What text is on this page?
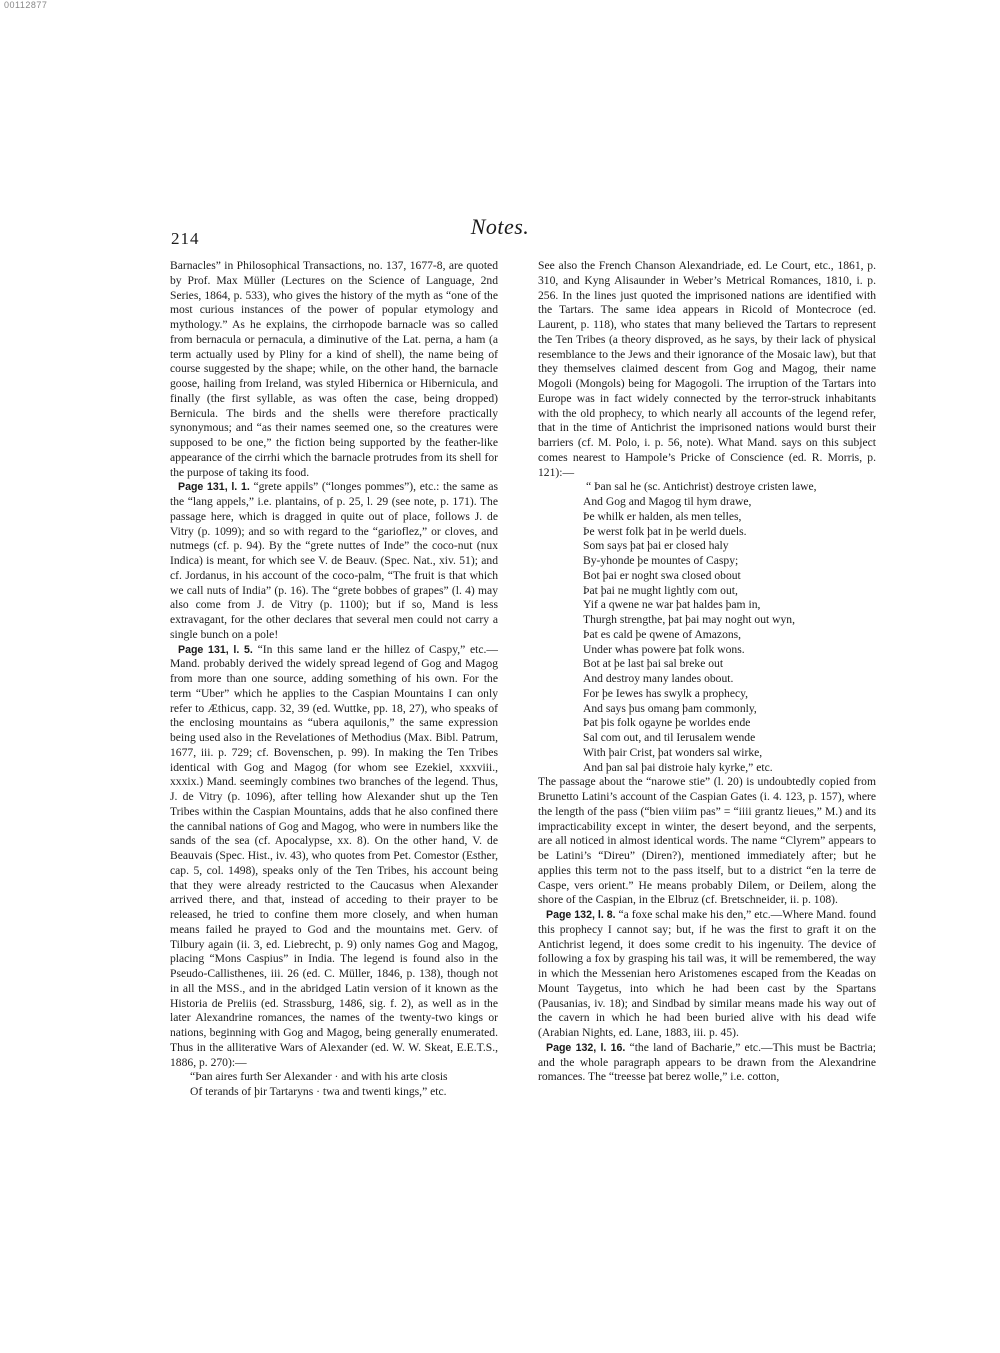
00112877
214	Notes.

Barnacles” in Philosophical Transactions, no. 137, 1677-8, are quoted by Prof. Max Müller (Lectures on the Science of Language, 2nd Series, 1864, p. 533), who gives the history of the myth as “one of the most curious instances of the power of popular etymology and mythology.” As he explains, the cirrhopode barnacle was so called from bernacula or pernacula, a diminutive of the Lat. perna, a ham (a term actually used by Pliny for a kind of shell), the name being of course suggested by the shape; while, on the other hand, the barnacle goose, hailing from Ireland, was styled Hibernica or Hibernicula, and finally (the first syllable, as was often the case, being dropped) Bernicula. The birds and the shells were therefore practically synonymous; and “as their names seemed one, so the creatures were supposed to be one,” the fiction being supported by the feather-like appearance of the cirrhi which the barnacle protrudes from its shell for the purpose of taking its food.

Page 131, l. 1. “grete appils” (“longes pommes”), etc.: the same as the “lang appels,” i.e. plantains, of p. 25, l. 29 (see note, p. 171). The passage here, which is dragged in quite out of place, follows J. de Vitry (p. 1099); and so with regard to the “garioflez,” or cloves, and nutmegs (cf. p. 94). By the “grete nuttes of Inde” the coco-nut (nux Indica) is meant, for which see V. de Beauv. (Spec. Nat., xiv. 51); and cf. Jordanus, in his account of the coco-palm, “The fruit is that which we call nuts of India” (p. 16). The “grete bobbes of grapes” (l. 4) may also come from J. de Vitry (p. 1100); but if so, Mand is less extravagant, for the other declares that several men could not carry a single bunch on a pole!

Page 131, l. 5. “In this same land er the hillez of Caspy,” etc.—Mand. probably derived the widely spread legend of Gog and Magog from more than one source, adding something of his own. For the term “Uber” which he applies to the Caspian Mountains I can only refer to Æthicus, capp. 32, 39 (ed. Wuttke, pp. 18, 27), who speaks of the enclosing mountains as “ubera aquilonis,” the same expression being used also in the Revelationes of Methodius (Max. Bibl. Patrum, 1677, iii. p. 729; cf. Bovenschen, p. 99). In making the Ten Tribes identical with Gog and Magog (for whom see Ezekiel, xxxviii., xxxix.) Mand. seemingly combines two branches of the legend. Thus, J. de Vitry (p. 1096), after telling how Alexander shut up the Ten Tribes within the Caspian Mountains, adds that he also confined there the cannibal nations of Gog and Magog, who were in numbers like the sands of the sea (cf. Apocalypse, xx. 8). On the other hand, V. de Beauvais (Spec. Hist., iv. 43), who quotes from Pet. Comestor (Esther, cap. 5, col. 1498), speaks only of the Ten Tribes, his account being that they were already restricted to the Caucasus when Alexander arrived there, and that, instead of acceding to their prayer to be released, he tried to confine them more closely, and when human means failed he prayed to God and the mountains met. Gerv. of Tilbury again (ii. 3, ed. Liebrecht, p. 9) only names Gog and Magog, placing “Mons Caspius” in India. The legend is found also in the Pseudo-Callisthenes, iii. 26 (ed. C. Müller, 1846, p. 138), though not in all the MSS., and in the abridged Latin version of it known as the Historia de Preliis (ed. Strassburg, 1486, sig. f. 2), as well as in the later Alexandrine romances, the names of the twenty-two kings or nations, beginning with Gog and Magog, being generally enumerated. Thus in the alliterative Wars of Alexander (ed. W. W. Skeat, E.E.T.S., 1886, p. 270):—

“Þan aires furth Ser Alexander · and with his arte closis
Of terands of þir Tartaryns · twa and twenti kings,” etc.

See also the French Chanson Alexandriade, ed. Le Court, etc., 1861, p. 310, and Kyng Alisaunder in Weber’s Metrical Romances, 1810, i. p. 256. In the lines just quoted the imprisoned nations are identified with the Tartars. The same idea appears in Ricold of Montecroce (ed. Laurent, p. 118), who states that many believed the Tartars to represent the Ten Tribes (a theory disproved, as he says, by their lack of physical resemblance to the Jews and their ignorance of the Mosaic law), but that they themselves claimed descent from Gog and Magog, their name Mogoli (Mongols) being for Magogoli. The irruption of the Tartars into Europe was in fact widely connected by the terror-struck inhabitants with the old prophecy, to which nearly all accounts of the legend refer, that in the time of Antichrist the imprisoned nations would burst their barriers (cf. M. Polo, i. p. 56, note). What Mand. says on this subject comes nearest to Hampole’s Pricke of Conscience (ed. R. Morris, p. 121):—

“ Þan sal he (sc. Antichrist) destroye cristen lawe,
And Gog and Magog til hym drawe,
Þe whilk er halden, als men telles,
Þe werst folk þat in þe werld duels.
Som says þat þai er closed haly
By-yhonde þe mountes of Caspy;
Bot þai er noght swa closed obout
Þat þai ne mught lightly com out,
Yif a qwene ne war þat haldes þam in,
Thurgh strengthe, þat þai may noght out wyn,
Þat es cald þe qwene of Amazons,
Under whas powere þat folk wons.
Bot at þe last þai sal breke out
And destroy many landes obout.
For þe Iewes has swylk a prophecy,
And says þus omang þam commonly,
Þat þis folk ogayne þe worldes ende
Sal com out, and til Ierusalem wende
With þair Crist, þat wonders sal wirke,
And þan sal þai distroie haly kyrke,” etc.

The passage about the “narowe stie” (l. 20) is undoubtedly copied from Brunetto Latini’s account of the Caspian Gates (i. 4. 123, p. 157), where the length of the pass (“bien viiim pas” = “iiii grantz lieues,” M.) and its impracticability except in winter, the desert beyond, and the serpents, are all noticed in almost identical words. The name “Clyrem” appears to be Latini’s “Direu” (Diren?), mentioned immediately after; but he applies this term not to the pass itself, but to a district “en la terre de Caspe, vers orient.” He means probably Dilem, or Deilem, along the shore of the Caspian, in the Elbruz (cf. Bretschneider, ii. p. 108).

Page 132, l. 8. “a foxe schal make his den,” etc.—Where Mand. found this prophecy I cannot say; but, if he was the first to graft it on the Antichrist legend, it does some credit to his ingenuity. The device of following a fox by grasping his tail was, it will be remembered, the way in which the Messenian hero Aristomenes escaped from the Keadas on Mount Taygetus, into which he had been cast by the Spartans (Pausanias, iv. 18); and Sindbad by similar means made his way out of the cavern in which he had been buried alive with his dead wife (Arabian Nights, ed. Lane, 1883, iii. p. 45).

Page 132, l. 16. “the land of Bacharie,” etc.—This must be Bactria; and the whole paragraph appears to be drawn from the Alexandrine romances. The “treesse þat berez wolle,” i.e. cotton,
